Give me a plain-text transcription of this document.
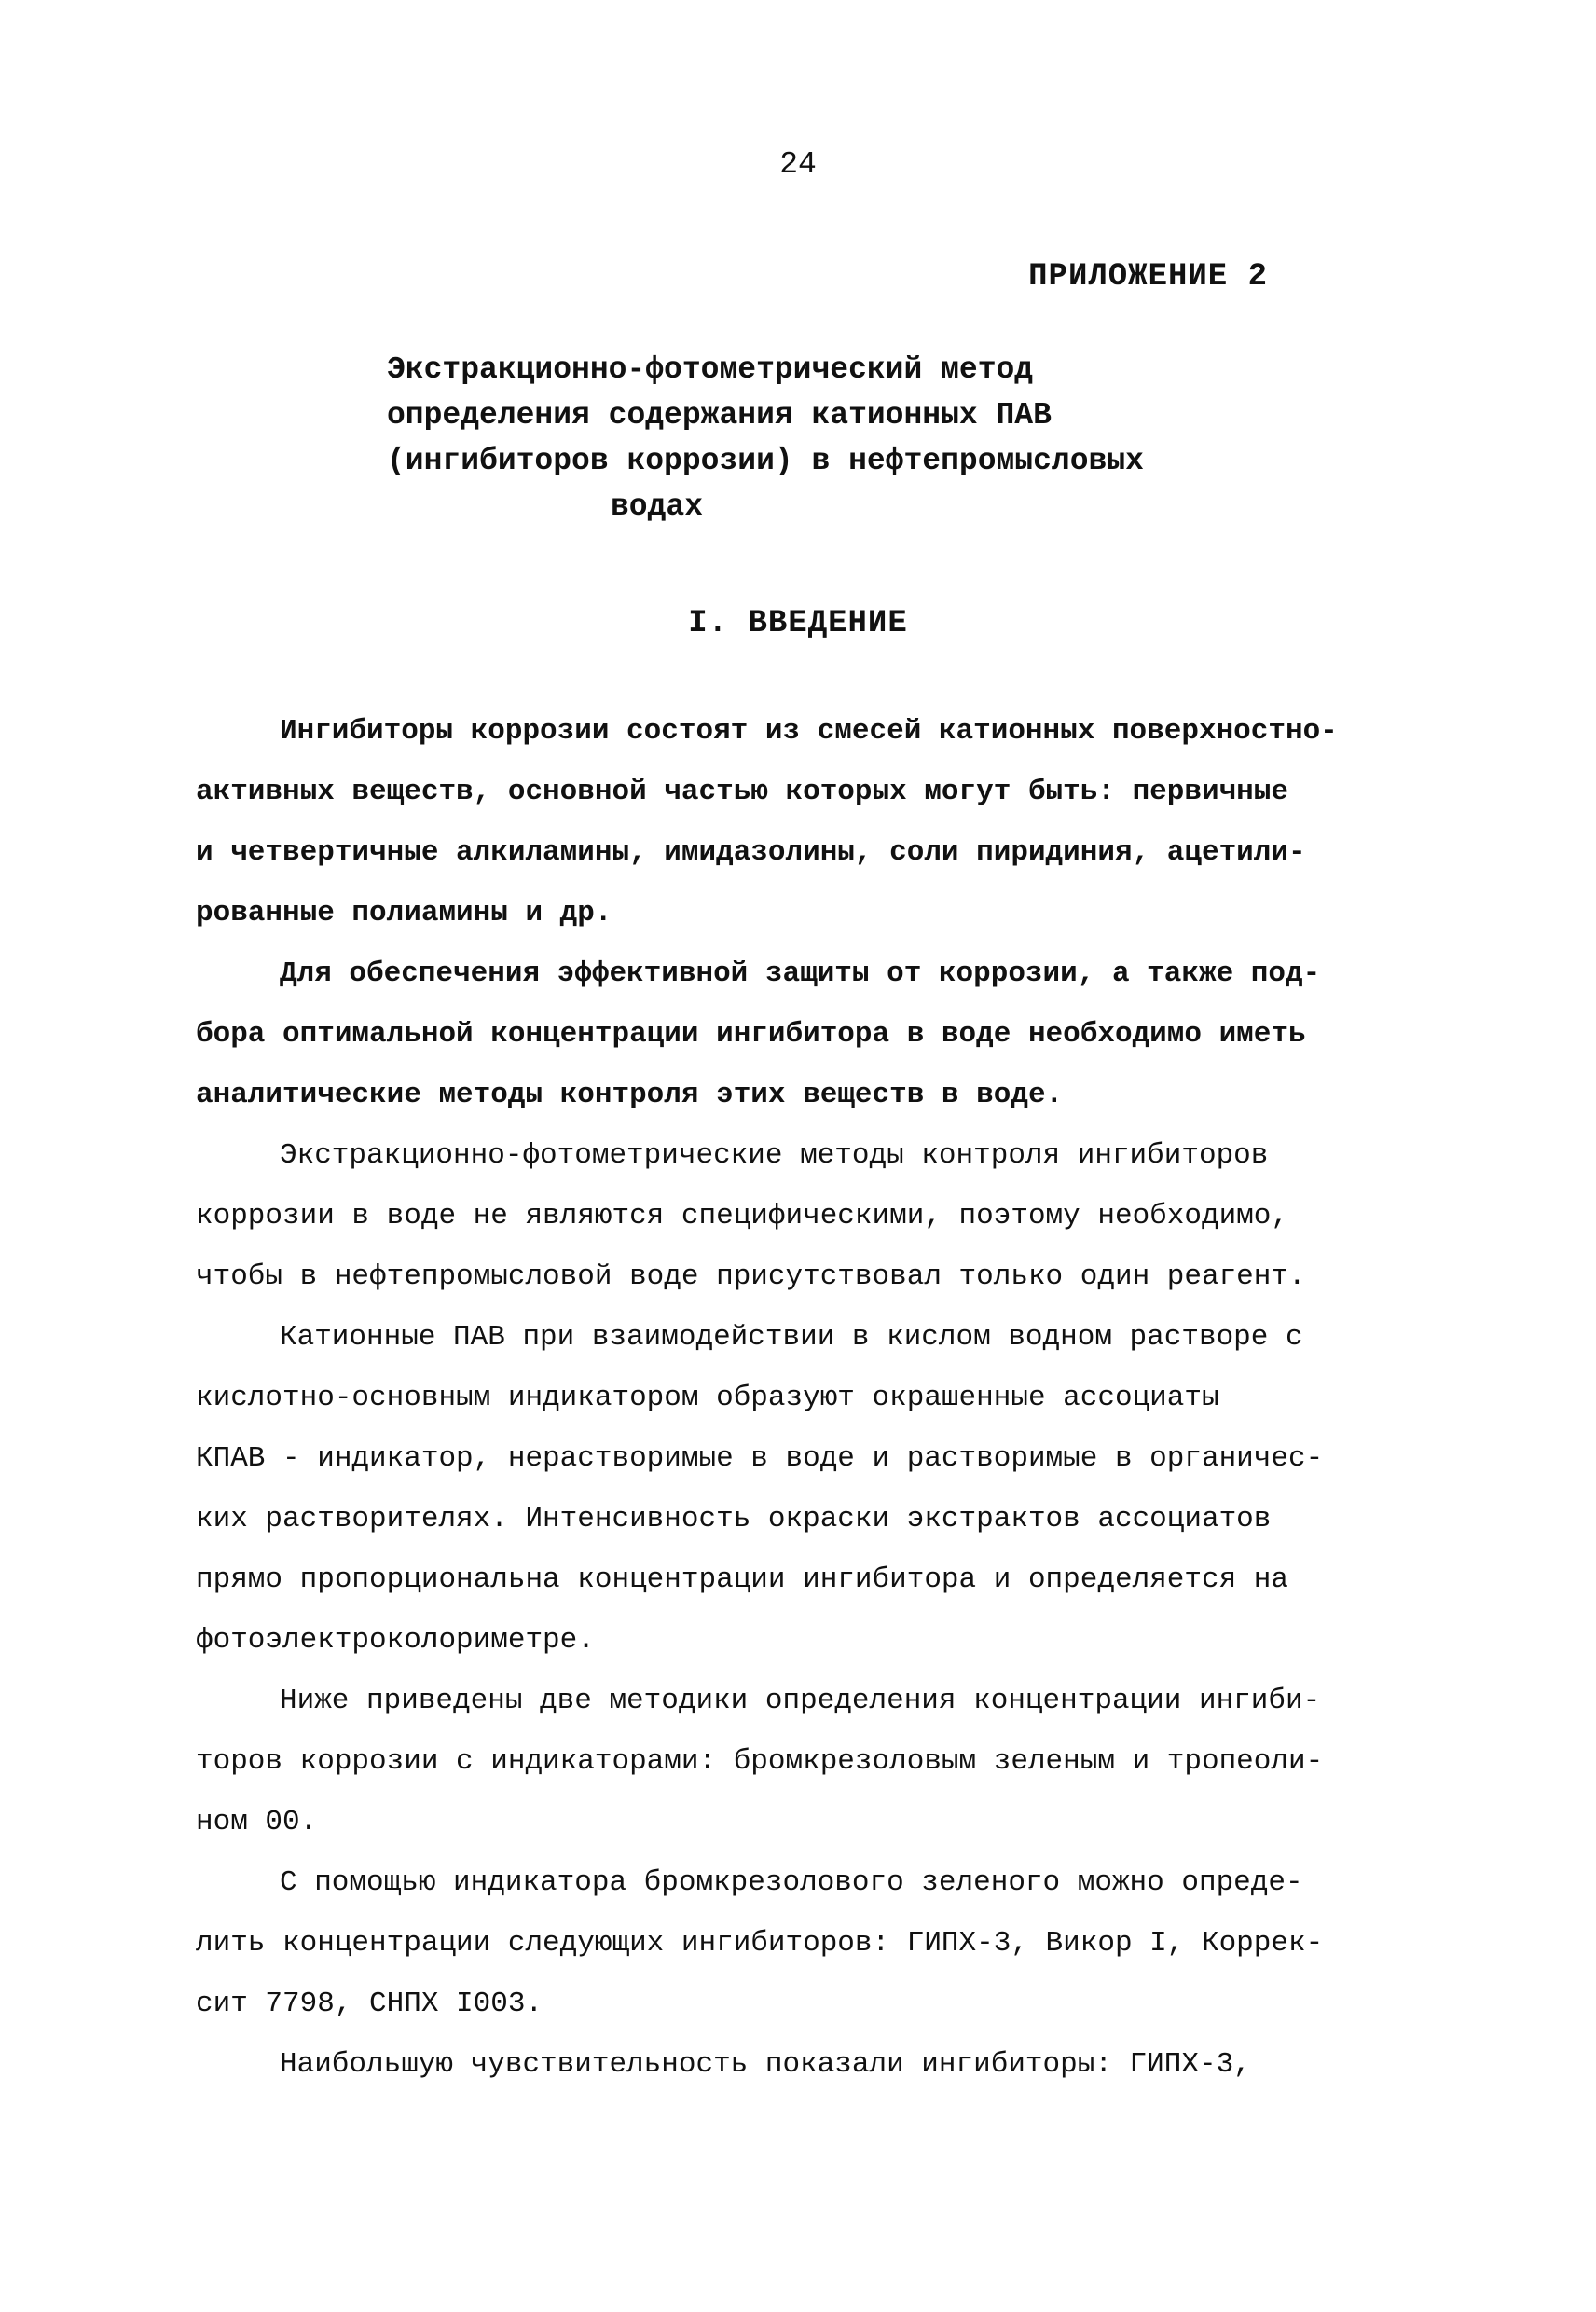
24
ПРИЛОЖЕНИЕ 2
Экстракционно-фотометрический метод
определения содержания катионных ПАВ
(ингибиторов коррозии) в нефтепромысловых
водах
I. ВВЕДЕНИЕ

Ингибиторы коррозии состоят из смесей катионных поверхностно-
активных веществ, основной частью которых могут быть: первичные
и четвертичные алкиламины, имидазолины, соли пиридиния, ацетили-
рованные полиамины и др.

Для обеспечения эффективной защиты от коррозии, а также под-
бора оптимальной концентрации ингибитора в воде необходимо иметь
аналитические методы контроля этих веществ в воде.

Экстракционно-фотометрические методы контроля ингибиторов
коррозии в воде не являются специфическими, поэтому необходимо,
чтобы в нефтепромысловой воде присутствовал только один реагент.

Катионные ПАВ при взаимодействии в кислом водном растворе с
кислотно-основным индикатором образуют окрашенные ассоциаты
КПАВ - индикатор, нерастворимые в воде и растворимые в органичес-
ких растворителях. Интенсивность окраски экстрактов ассоциатов
прямо пропорциональна концентрации ингибитора и определяется на
фотоэлектроколориметре.

Ниже приведены две методики определения концентрации ингиби-
торов коррозии с индикаторами: бромкрезоловым зеленым и тропеоли-
ном 00.

С помощью индикатора бромкрезолового зеленого можно опреде-
лить концентрации следующих ингибиторов: ГИПХ-3, Викор I, Коррек-
сит 7798, СНПХ I003.

Наибольшую чувствительность показали ингибиторы: ГИПХ-3,
